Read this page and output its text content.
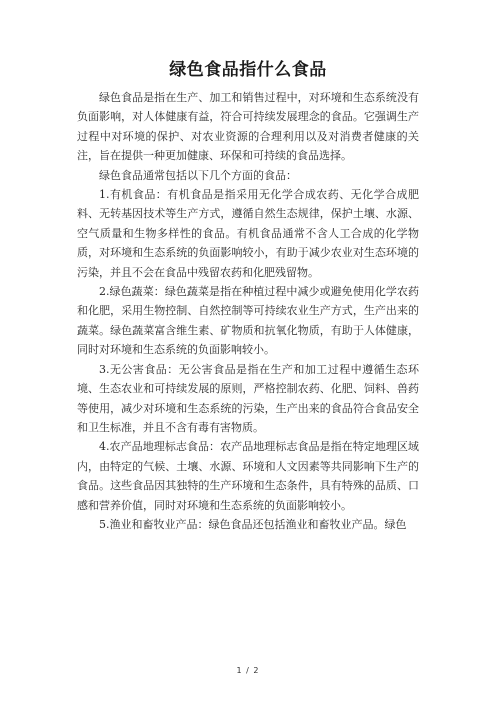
绿色食品指什么食品

绿色食品是指在生产、加工和销售过程中，对环境和生态系统没有负面影响，对人体健康有益，符合可持续发展理念的食品。它强调生产过程中对环境的保护、对农业资源的合理利用以及对消费者健康的关注，旨在提供一种更加健康、环保和可持续的食品选择。

绿色食品通常包括以下几个方面的食品：

1.有机食品：有机食品是指采用无化学合成农药、无化学合成肥料、无转基因技术等生产方式，遵循自然生态规律，保护土壤、水源、空气质量和生物多样性的食品。有机食品通常不含人工合成的化学物质，对环境和生态系统的负面影响较小，有助于减少农业对生态环境的污染，并且不会在食品中残留农药和化肥残留物。

2.绿色蔬菜：绿色蔬菜是指在种植过程中减少或避免使用化学农药和化肥，采用生物控制、自然控制等可持续农业生产方式，生产出来的蔬菜。绿色蔬菜富含维生素、矿物质和抗氧化物质，有助于人体健康，同时对环境和生态系统的负面影响较小。

3.无公害食品：无公害食品是指在生产和加工过程中遵循生态环境、生态农业和可持续发展的原则，严格控制农药、化肥、饲料、兽药等使用，减少对环境和生态系统的污染，生产出来的食品符合食品安全和卫生标准，并且不含有毒有害物质。

4.农产品地理标志食品：农产品地理标志食品是指在特定地理区域内，由特定的气候、土壤、水源、环境和人文因素等共同影响下生产的食品。这些食品因其独特的生产环境和生态条件，具有特殊的品质、口感和营养价值，同时对环境和生态系统的负面影响较小。

5.渔业和畜牧业产品：绿色食品还包括渔业和畜牧业产品。绿色

1 / 2
